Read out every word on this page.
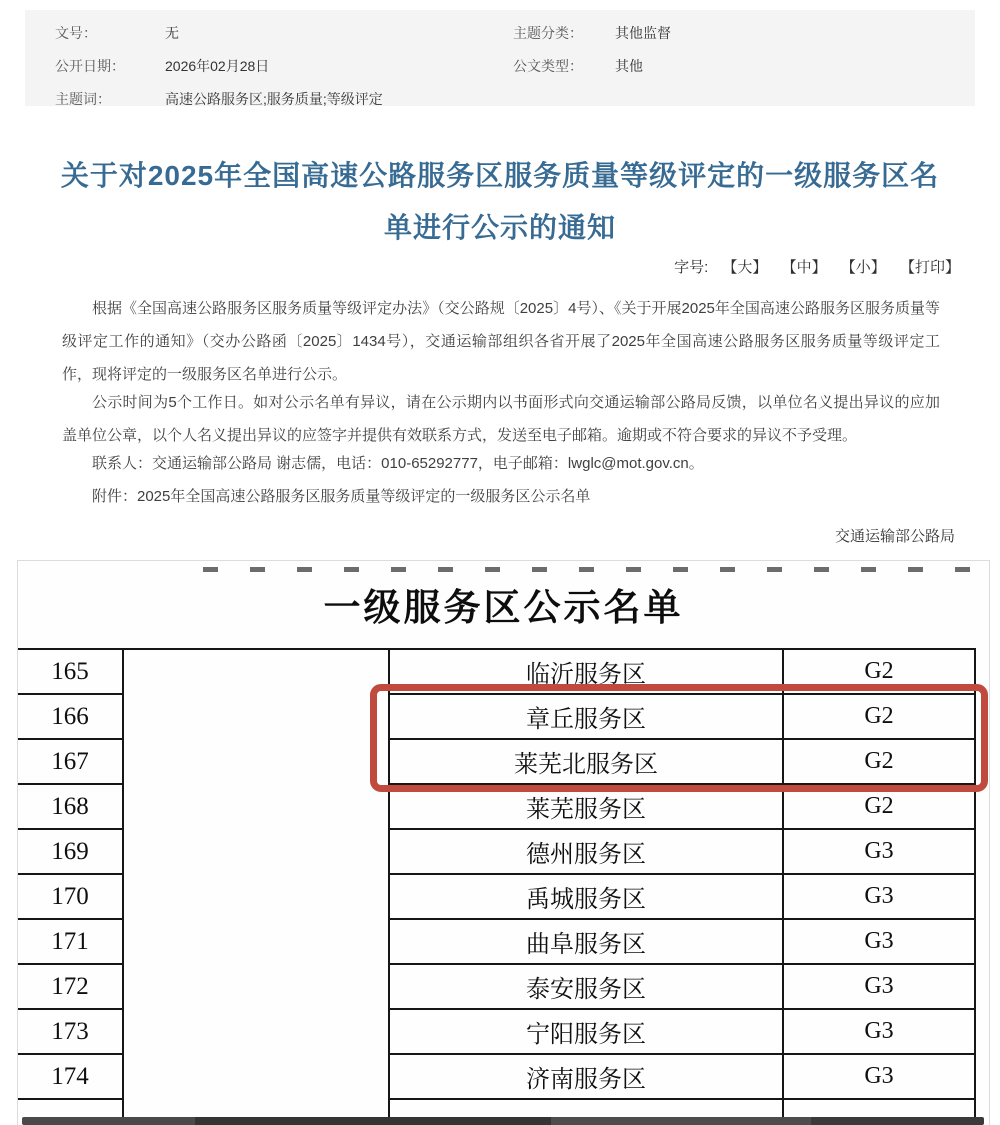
文号：	无	主题分类： 其他监督
公开日期：	2026年02月28日	公文类型： 其他
主题词：	高速公路服务区;服务质量;等级评定
关于对2025年全国高速公路服务区服务质量等级评定的一级服务区名单进行公示的通知
字号: 【大】 【中】 【小】 【打印】

根据《全国高速公路服务区服务质量等级评定办法》（交公路规〔2025〕4号）、《关于开展2025年全国高速公路服务区服务质量等级评定工作的通知》（交办公路函〔2025〕1434号），交通运输部组织各省开展了2025年全国高速公路服务区服务质量等级评定工作，现将评定的一级服务区名单进行公示。

公示时间为5个工作日。如对公示名单有异议，请在公示期内以书面形式向交通运输部公路局反馈，以单位名义提出异议的应加盖单位公章，以个人名义提出异议的应签字并提供有效联系方式，发送至电子邮箱。逾期或不符合要求的异议不予受理。

联系人：交通运输部公路局 谢志儒，电话：010-65292777，电子邮箱：lwglc@mot.gov.cn。

附件：2025年全国高速公路服务区服务质量等级评定的一级服务区公示名单

交通运输部公路局

一级服务区公示名单
165		临沂服务区	G2
166		章丘服务区	G2
167		莱芜北服务区	G2
168		莱芜服务区	G2
169		德州服务区	G3
170		禹城服务区	G3
171		曲阜服务区	G3
172		泰安服务区	G3
173		宁阳服务区	G3
174		济南服务区	G3
